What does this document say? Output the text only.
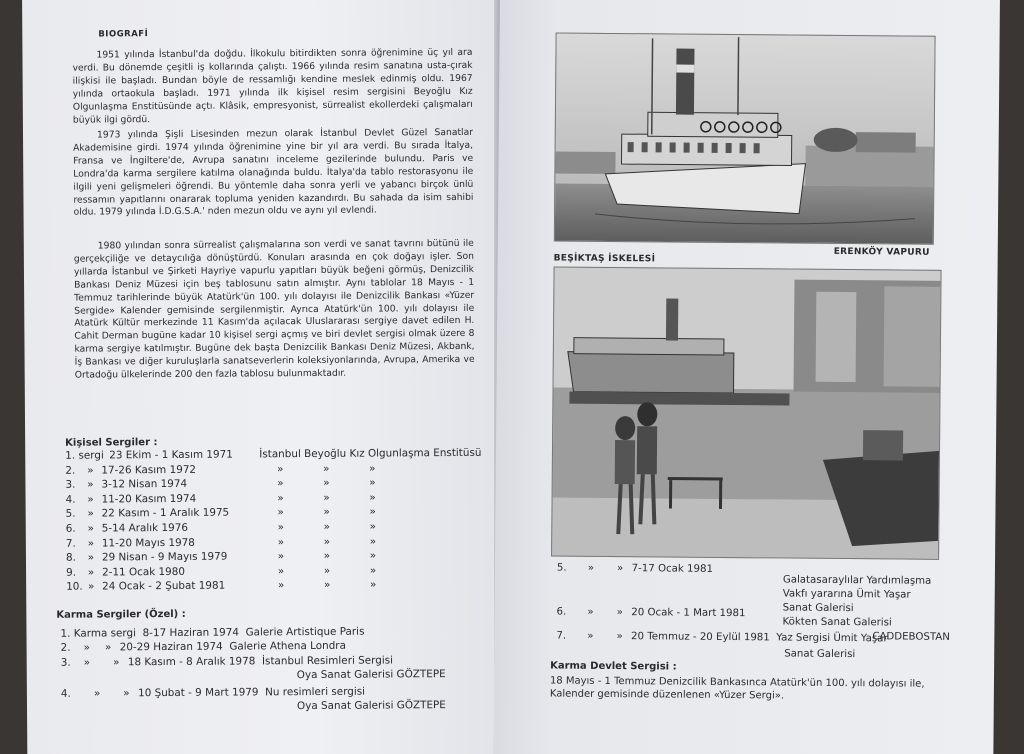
BIOGRAFİ
1951 yılında İstanbul'da doğdu. İlkokulu bitirdikten sonra öğrenimine üç yıl ara verdi. Bu dönemde çeşitli iş kollarında çalıştı. 1966 yılında resim sanatına usta-çırak ilişkisi ile başladı. Bundan böyle de ressamlığı kendine meslek edinmiş oldu. 1967 yılında ortaokula başladı. 1971 yılında ilk kişisel resim sergisini Beyoğlu Kız Olgunlaşma Enstitüsünde açtı. Klâsik, empresyonist, sürrealist ekollerdeki çalışmaları büyük ilgi gördü.
1973 yılında Şişli Lisesinden mezun olarak İstanbul Devlet Güzel Sanatlar Akademisine girdi. 1974 yılında öğrenimine yine bir yıl ara verdi. Bu sırada İtalya, Fransa ve İngiltere'de, Avrupa sanatını inceleme gezilerinde bulundu. Paris ve Londra'da karma sergilere katılma olanağında buldu. İtalya'da tablo restorasyonu ile ilgili yeni gelişmeleri öğrendi. Bu yöntemle daha sonra yerli ve yabancı birçok ünlü ressamın yapıtlarını onararak topluma yeniden kazandırdı. Bu sahada da isim sahibi oldu. 1979 yılında İ.D.G.S.A.' nden mezun oldu ve aynı yıl evlendi.
1980 yılından sonra sürrealist çalışmalarına son verdi ve sanat tavrını bütünü ile gerçekçiliğe ve detaycılığa dönüştürdü. Konuları arasında en çok doğayı işler. Son yıllarda İstanbul ve Şirketi Hayriye vapurlu yapıtları büyük beğeni görmüş, Denizcilik Bankası Deniz Müzesi için beş tablosunu satın almıştır. Aynı tablolar 18 Mayıs - 1 Temmuz tarihlerinde büyük Atatürk'ün 100. yılı dolayısı ile Denizcilik Bankası «Yüzer Sergide» Kalender gemisinde sergilenmiştir. Ayrıca Atatürk'ün 100. yılı dolayısı ile Atatürk Kültür merkezinde 11 Kasım'da açılacak Uluslararası sergiye davet edilen H. Cahit Derman bugüne kadar 10 kişisel sergi açmış ve biri devlet sergisi olmak üzere 8 karma sergiye katılmıştır. Bugüne dek başta Denizcilik Bankası Deniz Müzesi, Akbank, İş Bankası ve diğer kuruluşlarla sanatseverlerin koleksiyonlarında, Avrupa, Amerika ve Ortadoğu ülkelerinde 200 den fazla tablosu bulunmaktadır.
Kişisel Sergiler :
1. sergi 23 Ekim - 1 Kasım 1971	İstanbul Beyoğlu Kız Olgunlaşma Enstitüsü
2. » 17-26 Kasım 1972	»	»	»
3. » 3-12 Nisan 1974	»	»	»
4. » 11-20 Kasım 1974	»	»	»
5. » 22 Kasım - 1 Aralık 1975	»	»	»
6. » 5-14 Aralık 1976	»	»	»
7. » 11-20 Mayıs 1978	»	»	»
8. » 29 Nisan - 9 Mayıs 1979	»	»	»
9. » 2-11 Ocak 1980	»	»	»
10. » 24 Ocak - 2 Şubat 1981	»	»	»
Karma Sergiler (Özel) :
1. Karma sergi 8-17 Haziran 1974 Galerie Artistique Paris
2. » » 20-29 Haziran 1974 Galerie Athena Londra
3. » » 18 Kasım - 8 Aralık 1978 İstanbul Resimleri Sergisi
Oya Sanat Galerisi GÖZTEPE
4. » » 10 Şubat - 9 Mart 1979 Nu resimleri sergisi
Oya Sanat Galerisi GÖZTEPE
ERENKÖY VAPURU
BEŞİKTAŞ İSKELESİ
5. » » 7-17 Ocak 1981
Galatasaraylılar Yardımlaşma
Vakfı yararına Ümit Yaşar
Sanat Galerisi
6. » » 20 Ocak - 1 Mart 1981
Kökten Sanat Galerisi
CADDEBOSTAN
7. » » 20 Temmuz - 20 Eylül 1981 Yaz Sergisi Ümit Yaşar
Sanat Galerisi
Karma Devlet Sergisi :
18 Mayıs - 1 Temmuz Denizcilik Bankasınca Atatürk'ün 100. yılı dolayısı ile, Kalender gemisinde düzenlenen «Yüzer Sergi».
